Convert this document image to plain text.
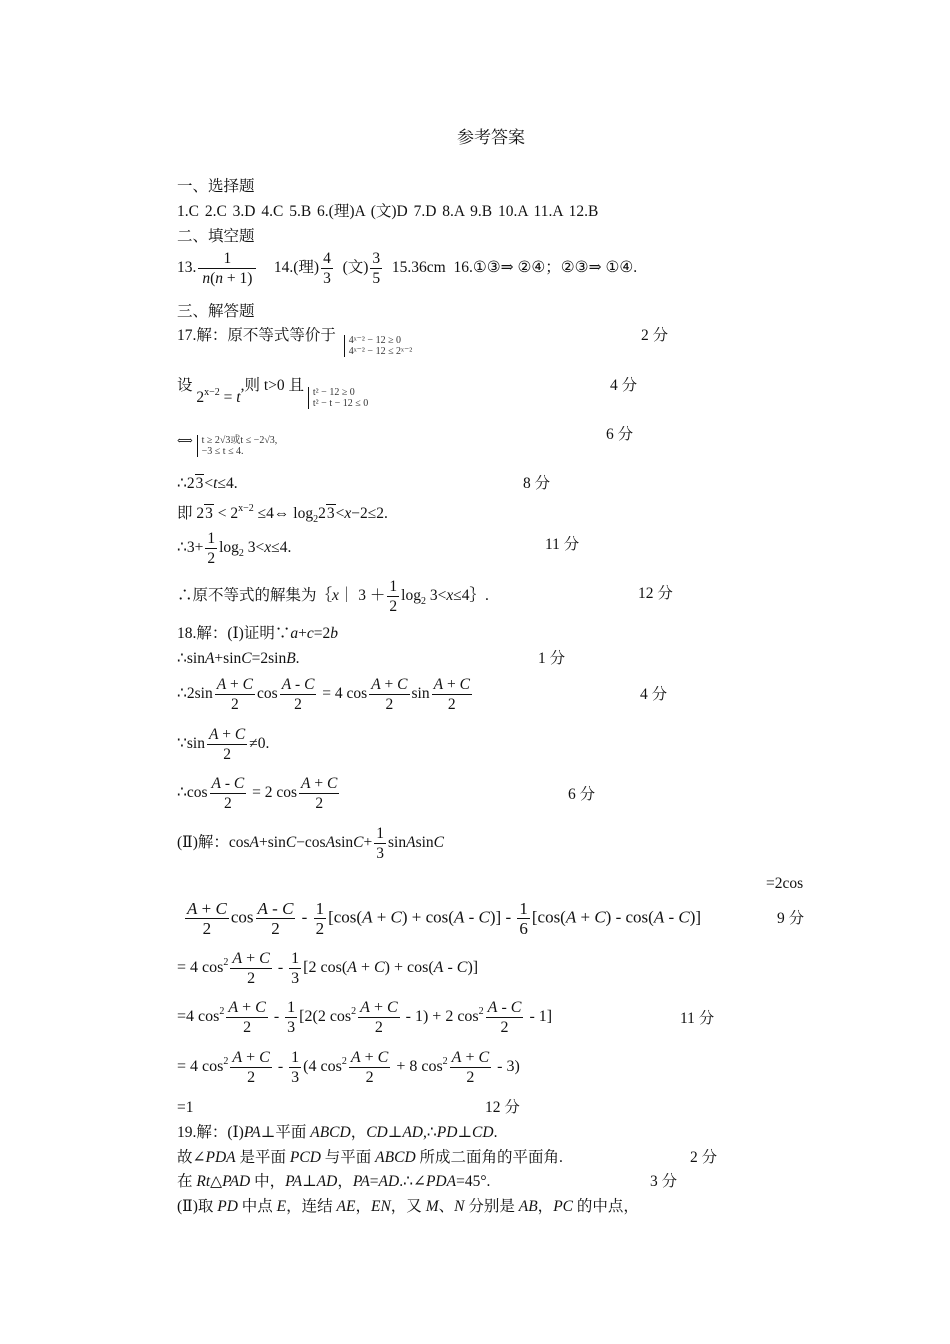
参考答案
一、选择题
1.C 2.C 3.D 4.C 5.B 6.(理)A (文)D 7.D 8.A 9.B 10.A 11.A 12.B
二、填空题
13. $\frac{1}{n(n + 1)} 14$.(理) $\frac{4}{3}$ (文) $\frac{3}{5} 15.36cm$  16.①③⇒ ②④；②③⇒ ①④.
三、解答题
17.解：原不等式等价于 4ˣ⁻² − 12 ≥ 0
4ˣ⁻² − 12 ≤ 2ˣ⁻²
2 分
设 $2^{x-2} = t$,则 t>0 且 t² − 12 ≥ 0
t² − t − 12 ≤ 0
4 分
⟺ t ≥ 2√3或t ≤ −2√3,
−3 ≤ t ≤ 4.
6 分
∴23<t≤4.	8 分
即 $23 < 2^{x-2}$ ≤4⇔ $\log_223<x-2\le 2$.
∴3+ $\frac{1}{2} \log_2 3<x\le 4$.	11 分
∴原不等式的解集为｛x｜ $3 + \frac{1}{2} \log_2$ 3<x≤4｝.	12 分
18.解：(Ⅰ)证明∵a+c=2b
∴sinA+sinC=2sinB.	1 分
∴2sin $\frac{A + C}{2}$ $\cos \frac{A - C}{2} = 4$ $\cos \frac{A + C}{2}$ $\sin \frac{A + C}{2}$	4 分
∵sin $\frac{A + C}{2} \ne 0$.
∴cos $\frac{A - C}{2} = 2$ $\cos \frac{A + C}{2}$	6 分
(Ⅱ)解：cosA+sinC−cosAsinC+ $\frac{1}{3}$ sinAsinC
=2cos
$\frac{A + C}{2}$ $\cos \frac{A - C}{2} - \frac{1}{2} [\cos(A + C) + \cos(A - C)] - \frac{1}{6} [\cos(A + C) - \cos(A - C)]$	9 分
= 4 $\cos^2 \frac{A + C}{2} - \frac{1}{3} [2$ cos(A + C) + cos(A - C)]
=4 $\cos^2 \frac{A + C}{2} - \frac{1}{3} [2(2$ $\cos^2 \frac{A + C}{2} - 1) + 2$ $\cos^2 \frac{A - C}{2} - 1$]	11 分
= 4 $\cos^2 \frac{A + C}{2} - \frac{1}{3} (4$ $\cos^2 \frac{A + C}{2} + 8$ $\cos^2 \frac{A + C}{2} - 3$)
=1	12 分
19.解：(Ⅰ)PA⊥平面 ABCD，CD⊥AD,∴PD⊥CD.
故∠PDA 是平面 PCD 与平面 ABCD 所成二面角的平面角.	2 分
在 Rt△PAD 中，PA⊥AD，PA=AD.∴∠PDA=45°.	3 分
(Ⅱ)取 PD 中点 E，连结 AE，EN，又 M、N 分别是 AB，PC 的中点，
